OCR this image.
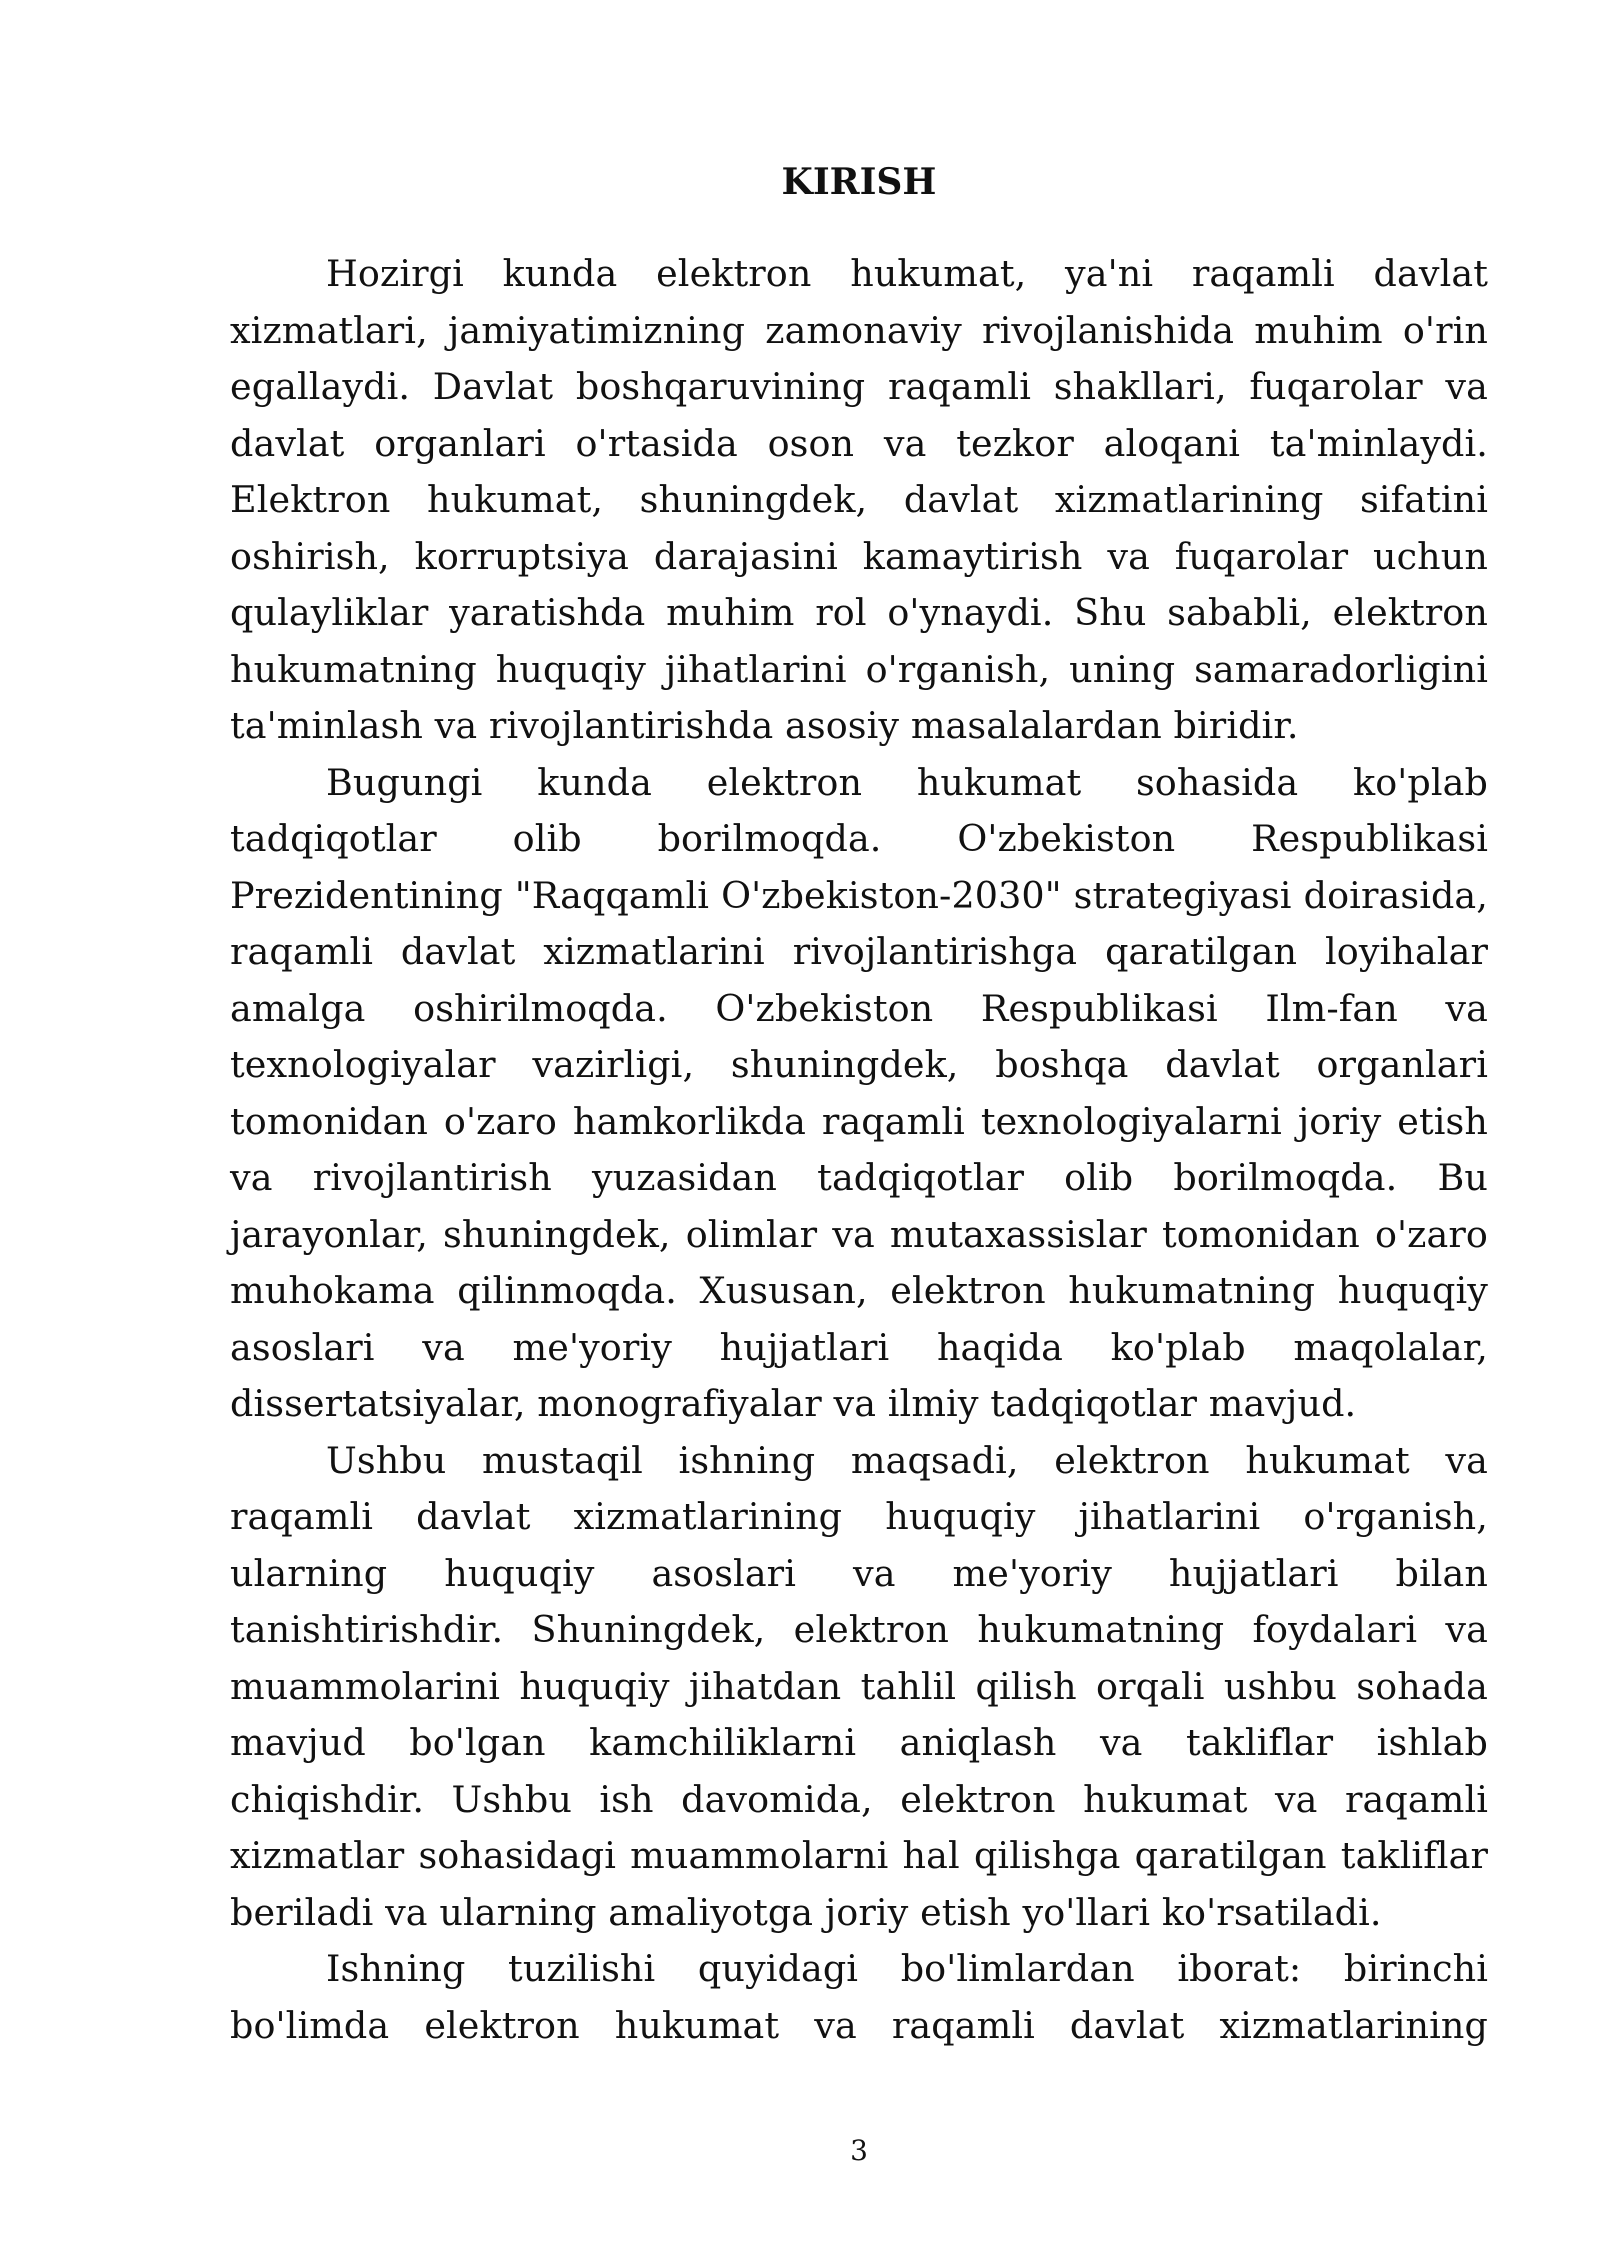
KIRISH

Hozirgi kunda elektron hukumat, ya'ni raqamli davlat xizmatlari, jamiyatimizning zamonaviy rivojlanishida muhim o'rin egallaydi. Davlat boshqaruvining raqamli shakllari, fuqarolar va davlat organlari o'rtasida oson va tezkor aloqani ta'minlaydi. Elektron hukumat, shuningdek, davlat xizmatlarining sifatini oshirish, korruptsiya darajasini kamaytirish va fuqarolar uchun qulayliklar yaratishda muhim rol o'ynaydi. Shu sababli, elektron hukumatning huquqiy jihatlarini o'rganish, uning samaradorligini ta'minlash va rivojlantirishda asosiy masalalardan biridir.

Bugungi kunda elektron hukumat sohasida ko'plab tadqiqotlar olib borilmoqda. O'zbekiston Respublikasi Prezidentining "Raqqamli O'zbekiston-2030" strategiyasi doirasida, raqamli davlat xizmatlarini rivojlantirishga qaratilgan loyihalar amalga oshirilmoqda. O'zbekiston Respublikasi Ilm-fan va texnologiyalar vazirligi, shuningdek, boshqa davlat organlari tomonidan o'zaro hamkorlikda raqamli texnologiyalarni joriy etish va rivojlantirish yuzasidan tadqiqotlar olib borilmoqda. Bu jarayonlar, shuningdek, olimlar va mutaxassislar tomonidan o'zaro muhokama qilinmoqda. Xususan, elektron hukumatning huquqiy asoslari va me'yoriy hujjatlari haqida ko'plab maqolalar, dissertatsiyalar, monografiyalar va ilmiy tadqiqotlar mavjud.

Ushbu mustaqil ishning maqsadi, elektron hukumat va raqamli davlat xizmatlarining huquqiy jihatlarini o'rganish, ularning huquqiy asoslari va me'yoriy hujjatlari bilan tanishtirishdir. Shuningdek, elektron hukumatning foydalari va muammolarini huquqiy jihatdan tahlil qilish orqali ushbu sohada mavjud bo'lgan kamchiliklarni aniqlash va takliflar ishlab chiqishdir. Ushbu ish davomida, elektron hukumat va raqamli xizmatlar sohasidagi muammolarni hal qilishga qaratilgan takliflar beriladi va ularning amaliyotga joriy etish yo'llari ko'rsatiladi.

Ishning tuzilishi quyidagi bo'limlardan iborat: birinchi bo'limda elektron hukumat va raqamli davlat xizmatlarining

3
